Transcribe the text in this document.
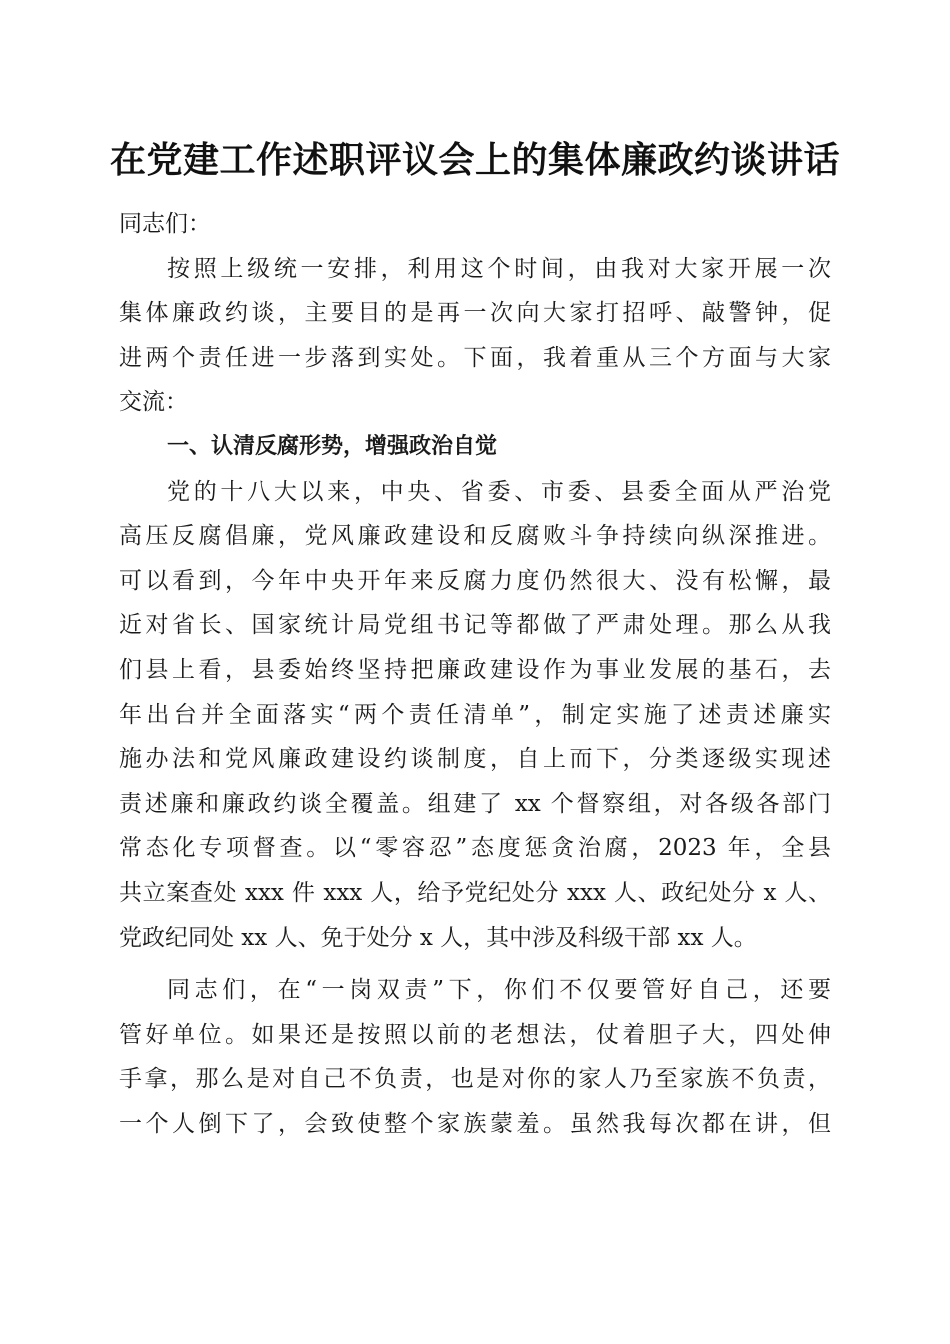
在党建工作述职评议会上的集体廉政约谈讲话
同志们：
按照上级统一安排，利用这个时间，由我对大家开展一次
集体廉政约谈，主要目的是再一次向大家打招呼、敲警钟，促
进两个责任进一步落到实处。下面，我着重从三个方面与大家
交流：
一、认清反腐形势，增强政治自觉
党的十八大以来，中央、省委、市委、县委全面从严治党
高压反腐倡廉，党风廉政建设和反腐败斗争持续向纵深推进。
可以看到，今年中央开年来反腐力度仍然很大、没有松懈，最
近对省长、国家统计局党组书记等都做了严肃处理。那么从我
们县上看，县委始终坚持把廉政建设作为事业发展的基石，去
年出台并全面落实“两个责任清单”，制定实施了述责述廉实
施办法和党风廉政建设约谈制度，自上而下，分类逐级实现述
责述廉和廉政约谈全覆盖。组建了 xx 个督察组，对各级各部门
常态化专项督查。以“零容忍”态度惩贪治腐，2023 年，全县
共立案查处 xxx 件 xxx 人，给予党纪处分 xxx 人、政纪处分 x 人、
党政纪同处 xx 人、免于处分 x 人，其中涉及科级干部 xx 人。
同志们，在“一岗双责”下，你们不仅要管好自己，还要
管好单位。如果还是按照以前的老想法，仗着胆子大，四处伸
手拿，那么是对自己不负责，也是对你的家人乃至家族不负责，
一个人倒下了，会致使整个家族蒙羞。虽然我每次都在讲，但
